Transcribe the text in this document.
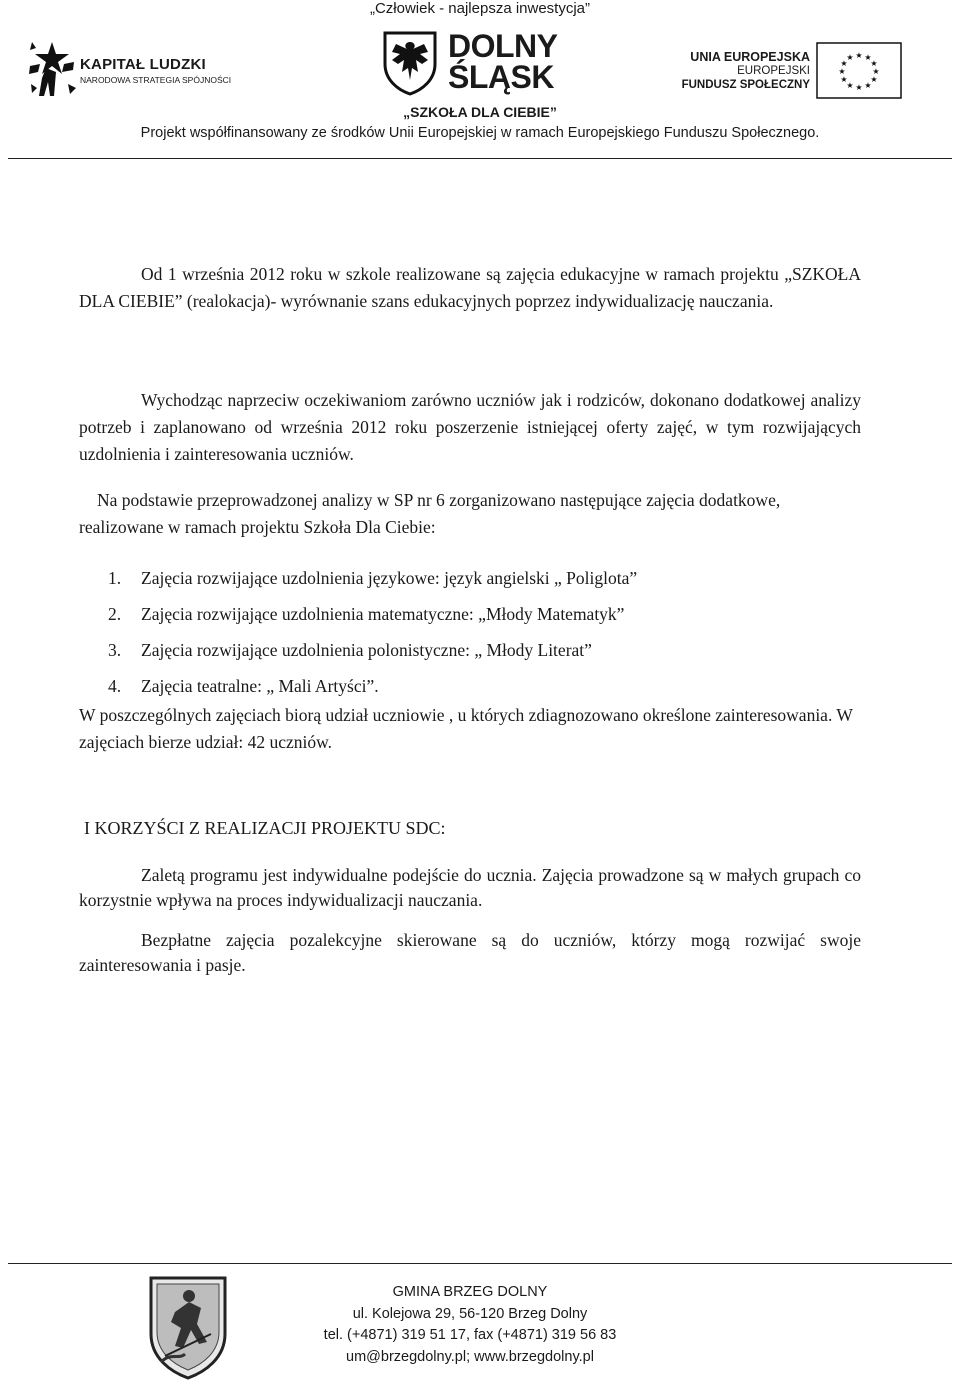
„Człowiek - najlepsza inwestycja”
KAPITAŁ LUDZKI
NARODOWA STRATEGIA SPÓJNOŚCI
DOLNY
ŚLĄSK
UNIA EUROPEJSKA
EUROPEJSKI
FUNDUSZ SPOŁECZNY
★ ★
★
★
★
★
★
★
★
★
★
★
„SZKOŁA DLA CIEBIE”
Projekt współfinansowany ze środków Unii Europejskiej w ramach Europejskiego Funduszu Społecznego.
Od 1 września 2012 roku w szkole realizowane są zajęcia edukacyjne w ramach projektu „SZKOŁA DLA CIEBIE” (realokacja)- wyrównanie szans edukacyjnych poprzez indywidualizację nauczania.
Wychodząc naprzeciw oczekiwaniom zarówno uczniów jak i rodziców, dokonano dodatkowej analizy potrzeb i zaplanowano od września 2012 roku poszerzenie istniejącej oferty zajęć, w tym rozwijających uzdolnienia i zainteresowania uczniów.
Na podstawie przeprowadzonej analizy w SP nr 6 zorganizowano następujące zajęcia dodatkowe, realizowane w ramach projektu Szkoła Dla Ciebie:
1. Zajęcia rozwijające uzdolnienia językowe: język angielski „ Poliglota”
2. Zajęcia rozwijające uzdolnienia matematyczne: „Młody Matematyk”
3. Zajęcia rozwijające uzdolnienia polonistyczne: „ Młody Literat”
4. Zajęcia teatralne: „ Mali Artyści”.
W poszczególnych zajęciach biorą udział uczniowie , u których zdiagnozowano określone zainteresowania. W zajęciach bierze udział: 42 uczniów.
I KORZYŚCI Z REALIZACJI PROJEKTU SDC:
Zaletą programu jest indywidualne podejście do ucznia. Zajęcia prowadzone są w małych grupach co korzystnie wpływa na proces indywidualizacji nauczania.
Bezpłatne zajęcia pozalekcyjne skierowane są do uczniów, którzy mogą rozwijać swoje zainteresowania i pasje.
GMINA BRZEG DOLNY
ul. Kolejowa 29, 56-120 Brzeg Dolny
tel. (+4871) 319 51 17, fax (+4871) 319 56 83
um@brzegdolny.pl; www.brzegdolny.pl
